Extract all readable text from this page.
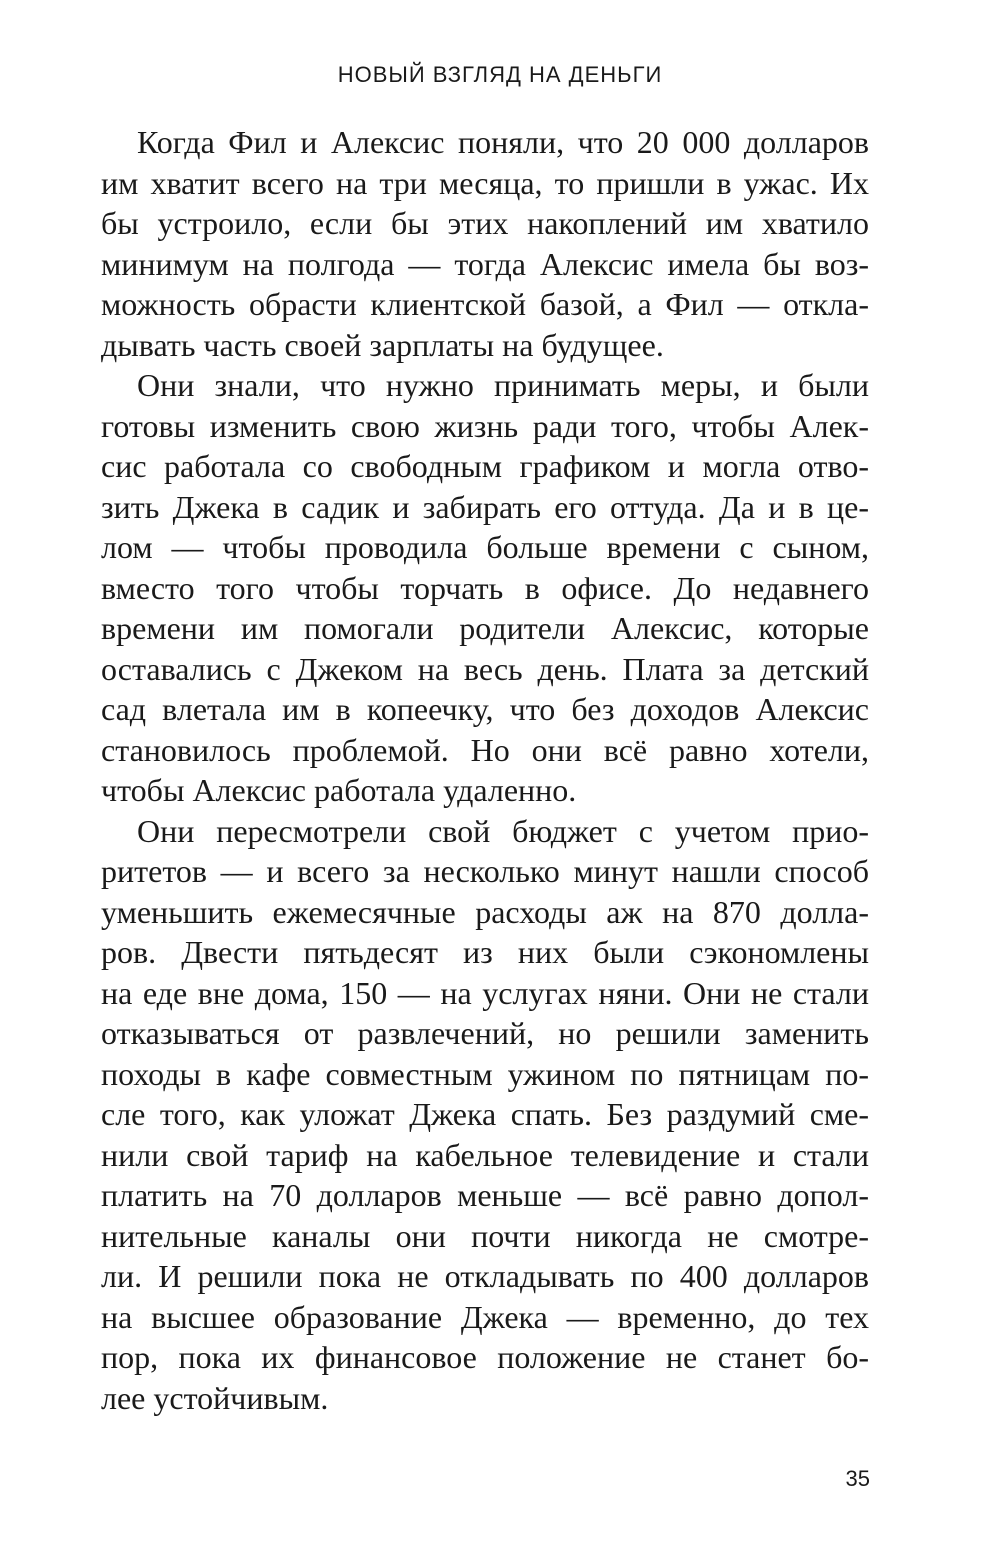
НОВЫЙ ВЗГЛЯД НА ДЕНЬГИ
Когда Фил и Алексис поняли, что 20 000 долларов
им хватит всего на три месяца, то пришли в ужас. Их
бы устроило, если бы этих накоплений им хватило
минимум на полгода — тогда Алексис имела бы воз-
можность обрасти клиентской базой, а Фил — откла-
дывать часть своей зарплаты на будущее.
Они знали, что нужно принимать меры, и были
готовы изменить свою жизнь ради того, чтобы Алек-
сис работала со свободным графиком и могла отво-
зить Джека в садик и забирать его оттуда. Да и в це-
лом — чтобы проводила больше времени с сыном,
вместо того чтобы торчать в офисе. До недавнего
времени им помогали родители Алексис, которые
оставались с Джеком на весь день. Плата за детский
сад влетала им в копеечку, что без доходов Алексис
становилось проблемой. Но они всё равно хотели,
чтобы Алексис работала удаленно.
Они пересмотрели свой бюджет с учетом прио-
ритетов — и всего за несколько минут нашли способ
уменьшить ежемесячные расходы аж на 870 долла-
ров. Двести пятьдесят из них были сэкономлены
на еде вне дома, 150 — на услугах няни. Они не стали
отказываться от развлечений, но решили заменить
походы в кафе совместным ужином по пятницам по-
сле того, как уложат Джека спать. Без раздумий сме-
нили свой тариф на кабельное телевидение и стали
платить на 70 долларов меньше — всё равно допол-
нительные каналы они почти никогда не смотре-
ли. И решили пока не откладывать по 400 долларов
на высшее образование Джека — временно, до тех
пор, пока их финансовое положение не станет бо-
лее устойчивым.
35
